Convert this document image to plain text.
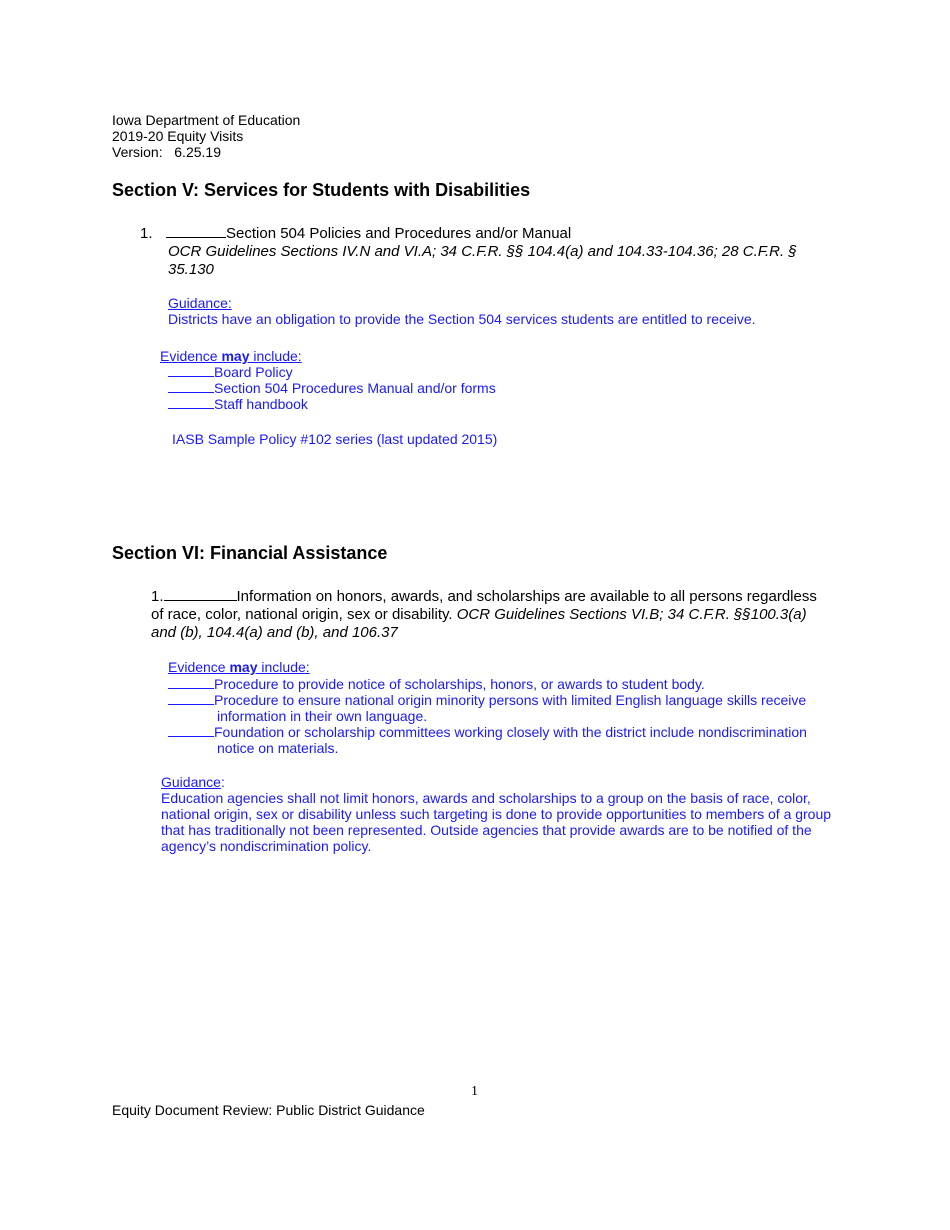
Iowa Department of Education
2019-20 Equity Visits
Version: 6.25.19
Section V: Services for Students with Disabilities
1.	Section 504 Policies and Procedures and/or Manual
OCR Guidelines Sections IV.N and VI.A; 34 C.F.R. §§ 104.4(a) and 104.33-104.36; 28 C.F.R. §
35.130
Guidance:
Districts have an obligation to provide the Section 504 services students are entitled to receive.
Evidence may include:
Board Policy
Section 504 Procedures Manual and/or forms
Staff handbook
IASB Sample Policy #102 series (last updated 2015)
Section VI: Financial Assistance
1.	Information on honors, awards, and scholarships are available to all persons regardless
of race, color, national origin, sex or disability. OCR Guidelines Sections VI.B; 34 C.F.R. §§100.3(a)
and (b), 104.4(a) and (b), and 106.37
Evidence may include:
Procedure to provide notice of scholarships, honors, or awards to student body.
Procedure to ensure national origin minority persons with limited English language skills receive
information in their own language.
Foundation or scholarship committees working closely with the district include nondiscrimination
notice on materials.
Guidance:
Education agencies shall not limit honors, awards and scholarships to a group on the basis of race, color,
national origin, sex or disability unless such targeting is done to provide opportunities to members of a group
that has traditionally not been represented. Outside agencies that provide awards are to be notified of the
agency’s nondiscrimination policy.
1
Equity Document Review: Public District Guidance
